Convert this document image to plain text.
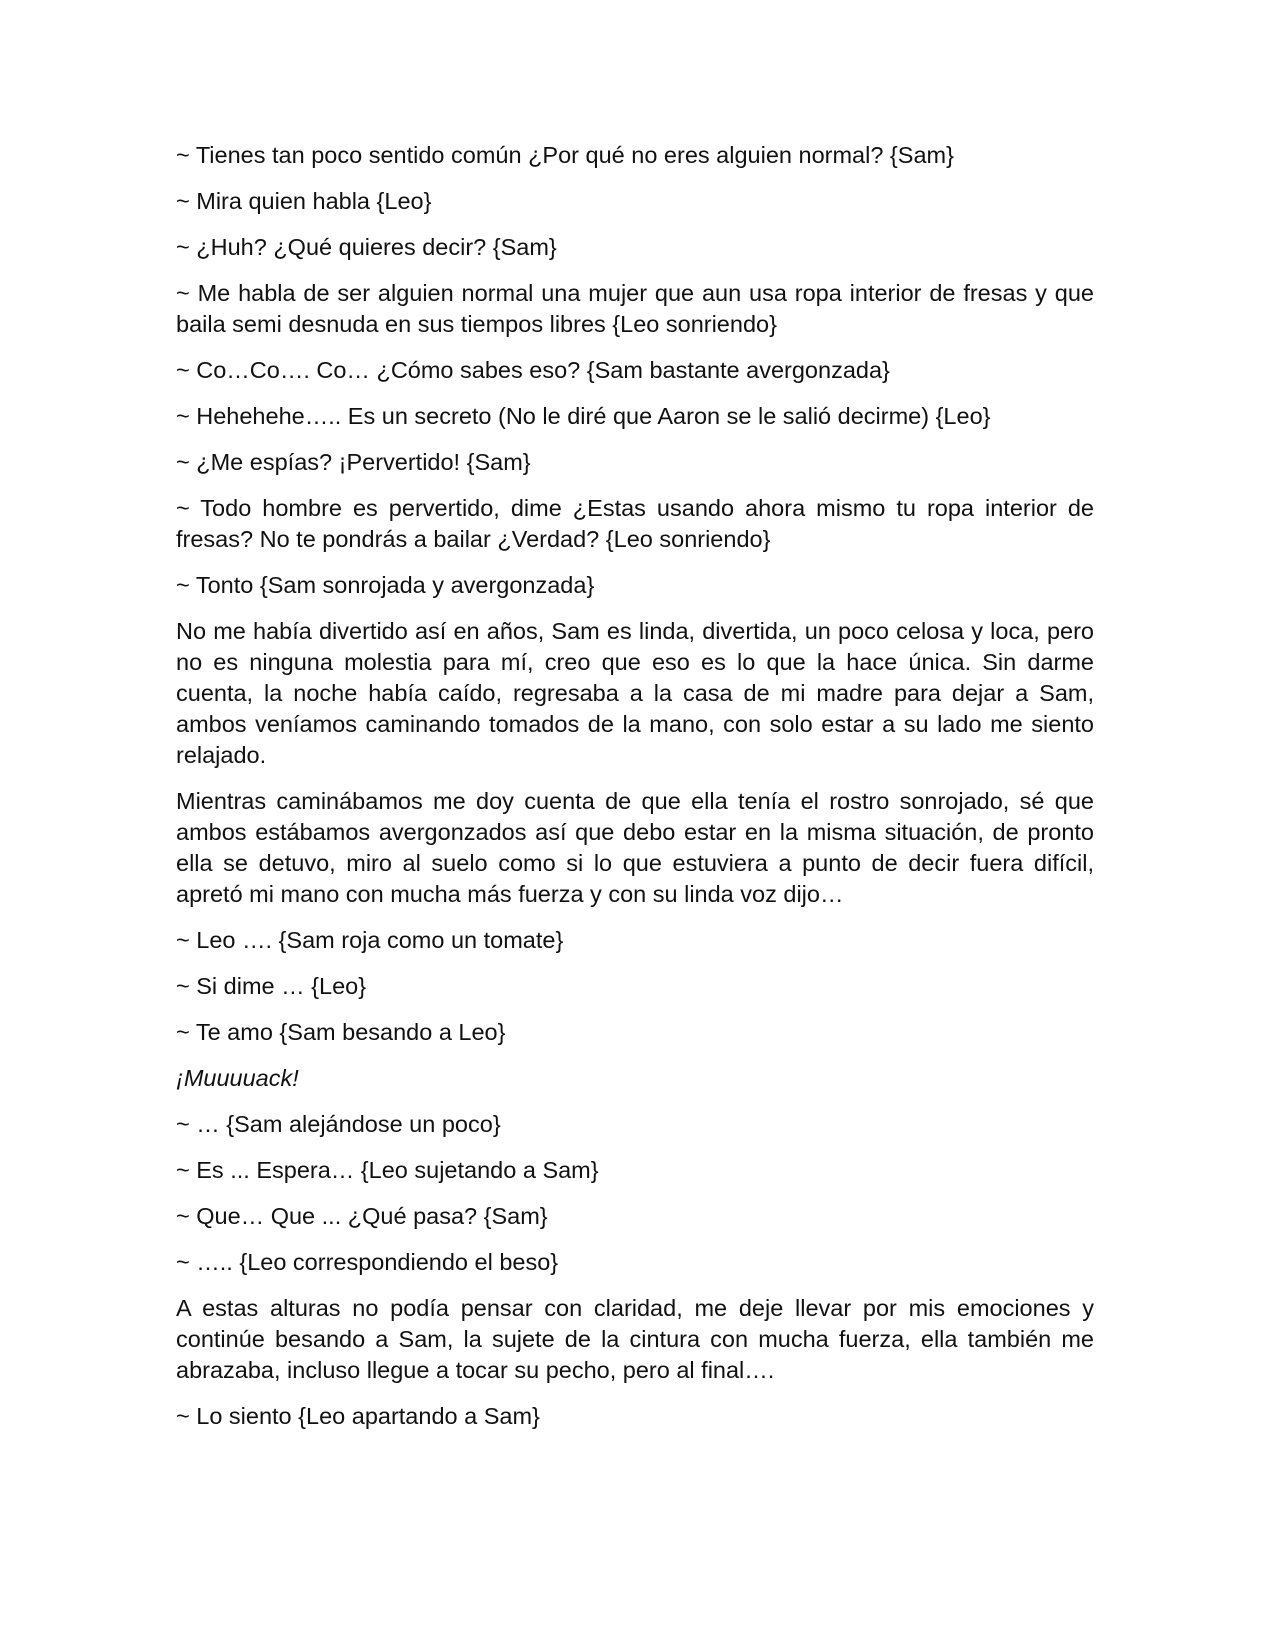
~ Tienes tan poco sentido común ¿Por qué no eres alguien normal? {Sam}

~ Mira quien habla {Leo}

~ ¿Huh? ¿Qué quieres decir? {Sam}

~ Me habla de ser alguien normal una mujer que aun usa ropa interior de fresas y que baila semi desnuda en sus tiempos libres {Leo sonriendo}

~ Co…Co…. Co… ¿Cómo sabes eso? {Sam bastante avergonzada}

~ Hehehehe….. Es un secreto (No le diré que Aaron se le salió decirme) {Leo}

~ ¿Me espías? ¡Pervertido! {Sam}

~ Todo hombre es pervertido, dime ¿Estas usando ahora mismo tu ropa interior de fresas? No te pondrás a bailar ¿Verdad? {Leo sonriendo}

~ Tonto {Sam sonrojada y avergonzada}

No me había divertido así en años, Sam es linda, divertida, un poco celosa y loca, pero no es ninguna molestia para mí, creo que eso es lo que la hace única. Sin darme cuenta, la noche había caído, regresaba a la casa de mi madre para dejar a Sam, ambos veníamos caminando tomados de la mano, con solo estar a su lado me siento relajado.

Mientras caminábamos me doy cuenta de que ella tenía el rostro sonrojado, sé que ambos estábamos avergonzados así que debo estar en la misma situación, de pronto ella se detuvo, miro al suelo como si lo que estuviera a punto de decir fuera difícil, apretó mi mano con mucha más fuerza y con su linda voz dijo…

~ Leo …. {Sam roja como un tomate}

~ Si dime … {Leo}

~ Te amo {Sam besando a Leo}

¡Muuuuack!

~ … {Sam alejándose un poco}

~ Es ... Espera… {Leo sujetando a Sam}

~ Que… Que ... ¿Qué pasa? {Sam}

~ ….. {Leo correspondiendo el beso}

A estas alturas no podía pensar con claridad, me deje llevar por mis emociones y continúe besando a Sam, la sujete de la cintura con mucha fuerza, ella también me abrazaba, incluso llegue a tocar su pecho, pero al final….

~ Lo siento {Leo apartando a Sam}
